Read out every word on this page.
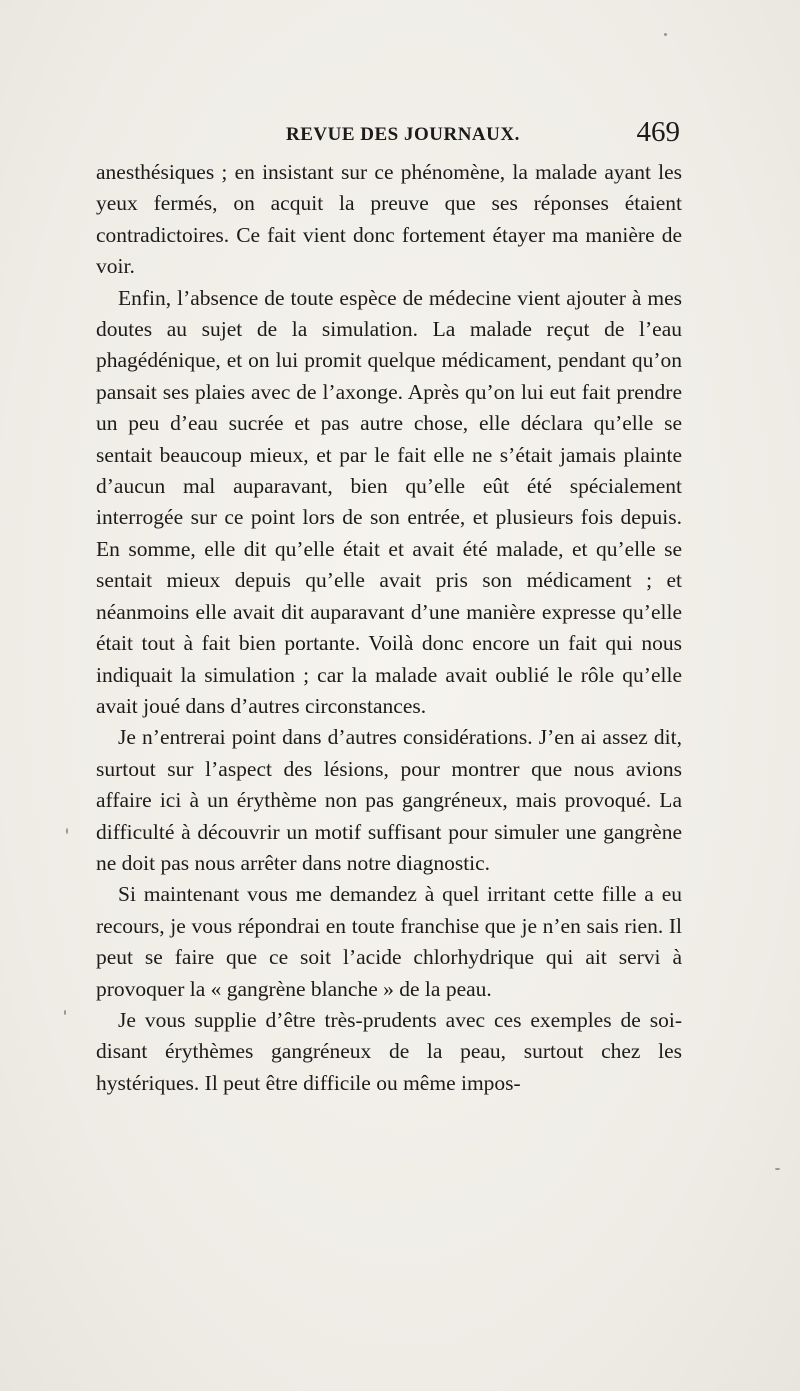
REVUE DES JOURNAUX.	469

anesthésiques ; en insistant sur ce phénomène, la malade ayant les yeux fermés, on acquit la preuve que ses réponses étaient contradictoires. Ce fait vient donc fortement étayer ma manière de voir.

Enfin, l’absence de toute espèce de médecine vient ajouter à mes doutes au sujet de la simulation. La malade reçut de l’eau phagédénique, et on lui promit quelque médicament, pendant qu’on pansait ses plaies avec de l’axonge. Après qu’on lui eut fait prendre un peu d’eau sucrée et pas autre chose, elle déclara qu’elle se sentait beaucoup mieux, et par le fait elle ne s’était jamais plainte d’aucun mal auparavant, bien qu’elle eût été spécialement interrogée sur ce point lors de son entrée, et plusieurs fois depuis. En somme, elle dit qu’elle était et avait été malade, et qu’elle se sentait mieux depuis qu’elle avait pris son médicament ; et néanmoins elle avait dit auparavant d’une manière expresse qu’elle était tout à fait bien portante. Voilà donc encore un fait qui nous indiquait la simulation ; car la malade avait oublié le rôle qu’elle avait joué dans d’autres circonstances.

Je n’entrerai point dans d’autres considérations. J’en ai assez dit, surtout sur l’aspect des lésions, pour montrer que nous avions affaire ici à un érythème non pas gangréneux, mais provoqué. La difficulté à découvrir un motif suffisant pour simuler une gangrène ne doit pas nous arrêter dans notre diagnostic.

Si maintenant vous me demandez à quel irritant cette fille a eu recours, je vous répondrai en toute franchise que je n’en sais rien. Il peut se faire que ce soit l’acide chlorhydrique qui ait servi à provoquer la « gangrène blanche » de la peau.

Je vous supplie d’être très-prudents avec ces exemples de soi-disant érythèmes gangréneux de la peau, surtout chez les hystériques. Il peut être difficile ou même impos-
